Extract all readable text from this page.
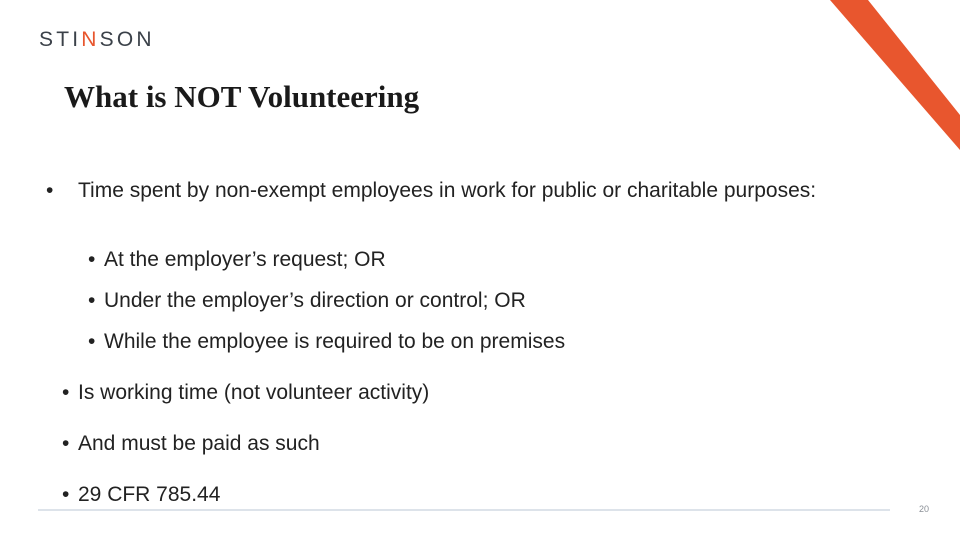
STINSON
What is NOT Volunteering
• Time spent by non-exempt employees in work for public or charitable purposes:
• At the employer’s request; OR
• Under the employer’s direction or control; OR
• While the employee is required to be on premises
• Is working time (not volunteer activity)
• And must be paid as such
• 29 CFR 785.44
20
